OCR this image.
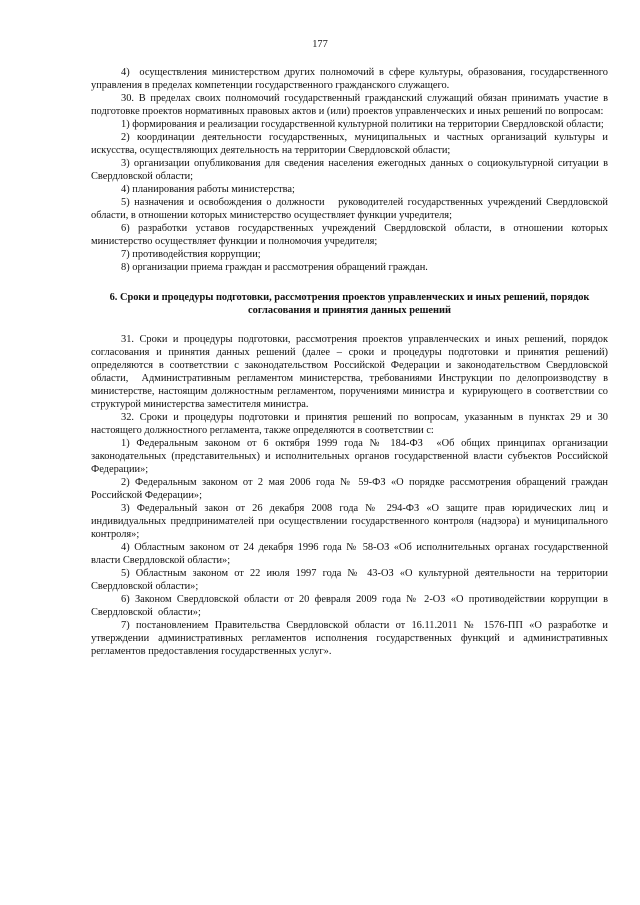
177

4)  осуществления министерством других полномочий в сфере культуры, образования, государственного управления в пределах компетенции государственного гражданского служащего.

30. В пределах своих полномочий государственный гражданский служащий обязан принимать участие в подготовке проектов нормативных правовых актов и (или) проектов управленческих и иных решений по вопросам:

1) формирования и реализации государственной культурной политики на территории Свердловской области;

2) координации деятельности государственных, муниципальных и частных организаций культуры и искусства, осуществляющих деятельность на территории Свердловской области;

3) организации опубликования для сведения населения ежегодных данных о социокультурной ситуации в Свердловской области;

4) планирования работы министерства;

5) назначения и освобождения о должности   руководителей государственных учреждений Свердловской области, в отношении которых министерство осуществляет функции учредителя;

6) разработки уставов государственных учреждений Свердловской области, в отношении которых министерство осуществляет функции и полномочия учредителя;

7) противодействия коррупции;

8) организации приема граждан и рассмотрения обращений граждан.

6. Сроки и процедуры подготовки, рассмотрения проектов управленческих и иных решений, порядок согласования и принятия данных решений

31. Сроки и процедуры подготовки, рассмотрения проектов управленческих и иных решений, порядок согласования и принятия данных решений (далее – сроки и процедуры подготовки и принятия решений) определяются в соответствии с законодательством Российской Федерации и законодательством Свердловской области,  Административным регламентом министерства, требованиями Инструкции по делопроизводству в министерстве, настоящим должностным регламентом, поручениями министра и  курирующего в соответствии со структурой министерства заместителя министра.

32. Сроки и процедуры подготовки и принятия решений по вопросам, указанным в пунктах 29 и 30 настоящего должностного регламента, также определяются в соответствии с:

1) Федеральным законом от 6 октября 1999 года № 184-ФЗ  «Об общих принципах организации законодательных (представительных) и исполнительных органов государственной власти субъектов Российской Федерации»;

2) Федеральным законом от 2 мая 2006 года № 59-ФЗ «О порядке рассмотрения обращений граждан Российской Федерации»;

3) Федеральный закон от 26 декабря 2008 года № 294-ФЗ «О защите прав юридических лиц и индивидуальных предпринимателей при осуществлении государственного контроля (надзора) и муниципального контроля»;

4) Областным законом от 24 декабря 1996 года № 58-ОЗ «Об исполнительных органах государственной власти Свердловской области»;

5) Областным законом от 22 июля 1997 года № 43-ОЗ «О культурной деятельности на территории Свердловской области»;

6) Законом Свердловской области от 20 февраля 2009 года № 2-ОЗ «О противодействии коррупции в Свердловской  области»;

7) постановлением Правительства Свердловской области от 16.11.2011 № 1576-ПП «О разработке и утверждении административных регламентов исполнения государственных функций и административных регламентов предоставления государственных услуг».
